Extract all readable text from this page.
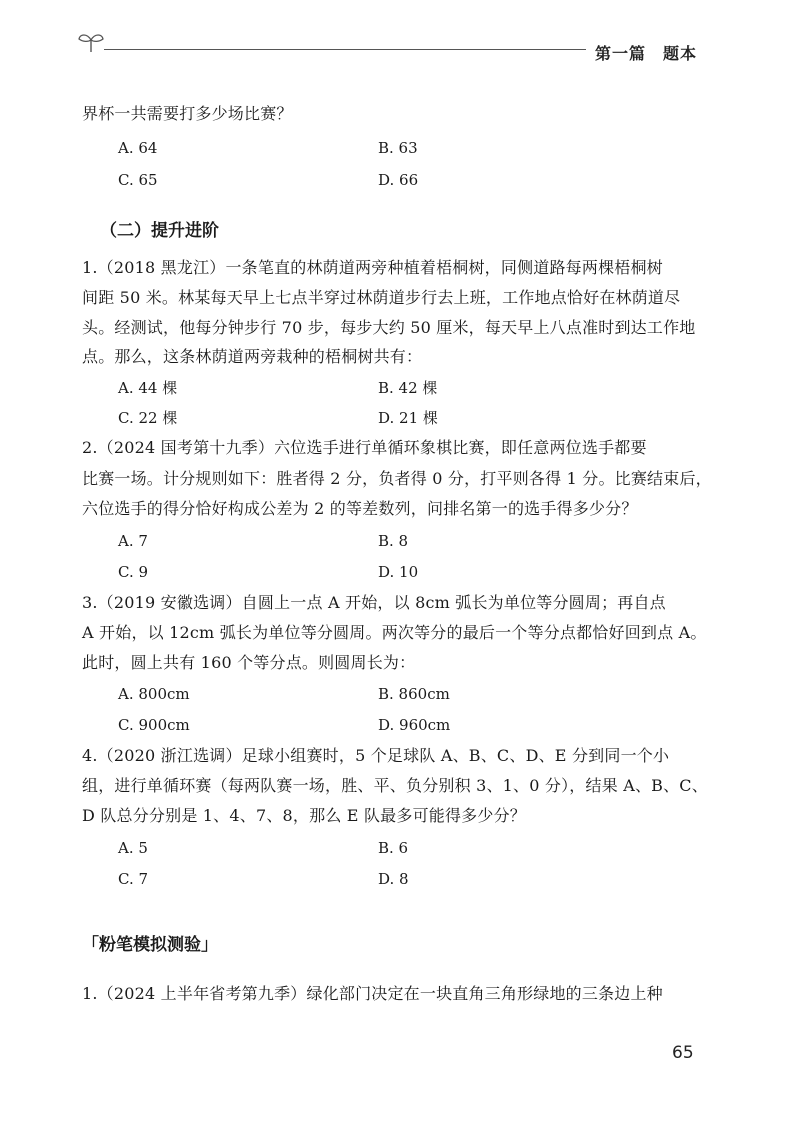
第一篇　题本
界杯一共需要打多少场比赛？
A. 64	B. 63
C. 65	D. 66
（二）提升进阶
1.（2018 黑龙江）一条笔直的林荫道两旁种植着梧桐树，同侧道路每两棵梧桐树
间距 50 米。林某每天早上七点半穿过林荫道步行去上班，工作地点恰好在林荫道尽
头。经测试，他每分钟步行 70 步，每步大约 50 厘米，每天早上八点准时到达工作地
点。那么，这条林荫道两旁栽种的梧桐树共有：
A. 44 棵	B. 42 棵
C. 22 棵	D. 21 棵
2.（2024 国考第十九季）六位选手进行单循环象棋比赛，即任意两位选手都要
比赛一场。计分规则如下：胜者得 2 分，负者得 0 分，打平则各得 1 分。比赛结束后，
六位选手的得分恰好构成公差为 2 的等差数列，问排名第一的选手得多少分？
A. 7	B. 8
C. 9	D. 10
3.（2019 安徽选调）自圆上一点 A 开始，以 8cm 弧长为单位等分圆周；再自点
A 开始，以 12cm 弧长为单位等分圆周。两次等分的最后一个等分点都恰好回到点 A。
此时，圆上共有 160 个等分点。则圆周长为：
A. 800cm	B. 860cm
C. 900cm	D. 960cm
4.（2020 浙江选调）足球小组赛时，5 个足球队 A、B、C、D、E 分到同一个小
组，进行单循环赛（每两队赛一场，胜、平、负分别积 3、1、0 分），结果 A、B、C、
D 队总分分别是 1、4、7、8，那么 E 队最多可能得多少分？
A. 5	B. 6
C. 7	D. 8
「粉笔模拟测验」
1.（2024 上半年省考第九季）绿化部门决定在一块直角三角形绿地的三条边上种
65
